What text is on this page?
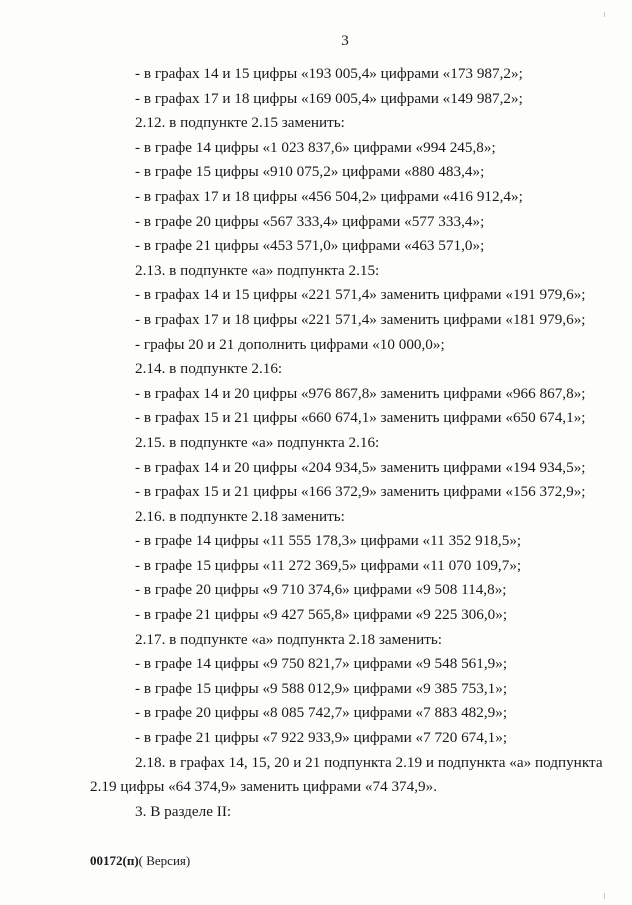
3
- в графах 14 и 15 цифры «193 005,4» цифрами «173 987,2»;
- в графах 17 и 18 цифры «169 005,4» цифрами «149 987,2»;
2.12. в подпункте 2.15 заменить:
- в графе 14 цифры «1 023 837,6» цифрами «994 245,8»;
- в графе 15 цифры «910 075,2» цифрами «880 483,4»;
- в графах 17 и 18 цифры «456 504,2» цифрами «416 912,4»;
- в графе 20 цифры «567 333,4» цифрами «577 333,4»;
- в графе 21 цифры «453 571,0» цифрами «463 571,0»;
2.13. в подпункте «а» подпункта 2.15:
- в графах 14 и 15 цифры «221 571,4» заменить цифрами «191 979,6»;
- в графах 17 и 18 цифры «221 571,4» заменить цифрами «181 979,6»;
- графы 20 и 21 дополнить цифрами «10 000,0»;
2.14. в подпункте 2.16:
- в графах 14 и 20 цифры «976 867,8» заменить цифрами «966 867,8»;
- в графах 15 и 21 цифры «660 674,1» заменить цифрами «650 674,1»;
2.15. в подпункте «а» подпункта 2.16:
- в графах 14 и 20 цифры «204 934,5» заменить цифрами «194 934,5»;
- в графах 15 и 21 цифры «166 372,9» заменить цифрами «156 372,9»;
2.16. в подпункте 2.18 заменить:
- в графе 14 цифры «11 555 178,3» цифрами «11 352 918,5»;
- в графе 15 цифры «11 272 369,5» цифрами «11 070 109,7»;
- в графе 20 цифры «9 710 374,6» цифрами «9 508 114,8»;
- в графе 21 цифры «9 427 565,8» цифрами «9 225 306,0»;
2.17. в подпункте «а» подпункта 2.18 заменить:
- в графе 14 цифры «9 750 821,7» цифрами «9 548 561,9»;
- в графе 15 цифры «9 588 012,9» цифрами «9 385 753,1»;
- в графе 20 цифры «8 085 742,7» цифрами «7 883 482,9»;
- в графе 21 цифры «7 922 933,9» цифрами «7 720 674,1»;
2.18. в графах 14, 15, 20 и 21 подпункта 2.19 и подпункта «а» подпункта
2.19 цифры «64 374,9» заменить цифрами «74 374,9».
3. В разделе II:
00172(п)( Версия)
